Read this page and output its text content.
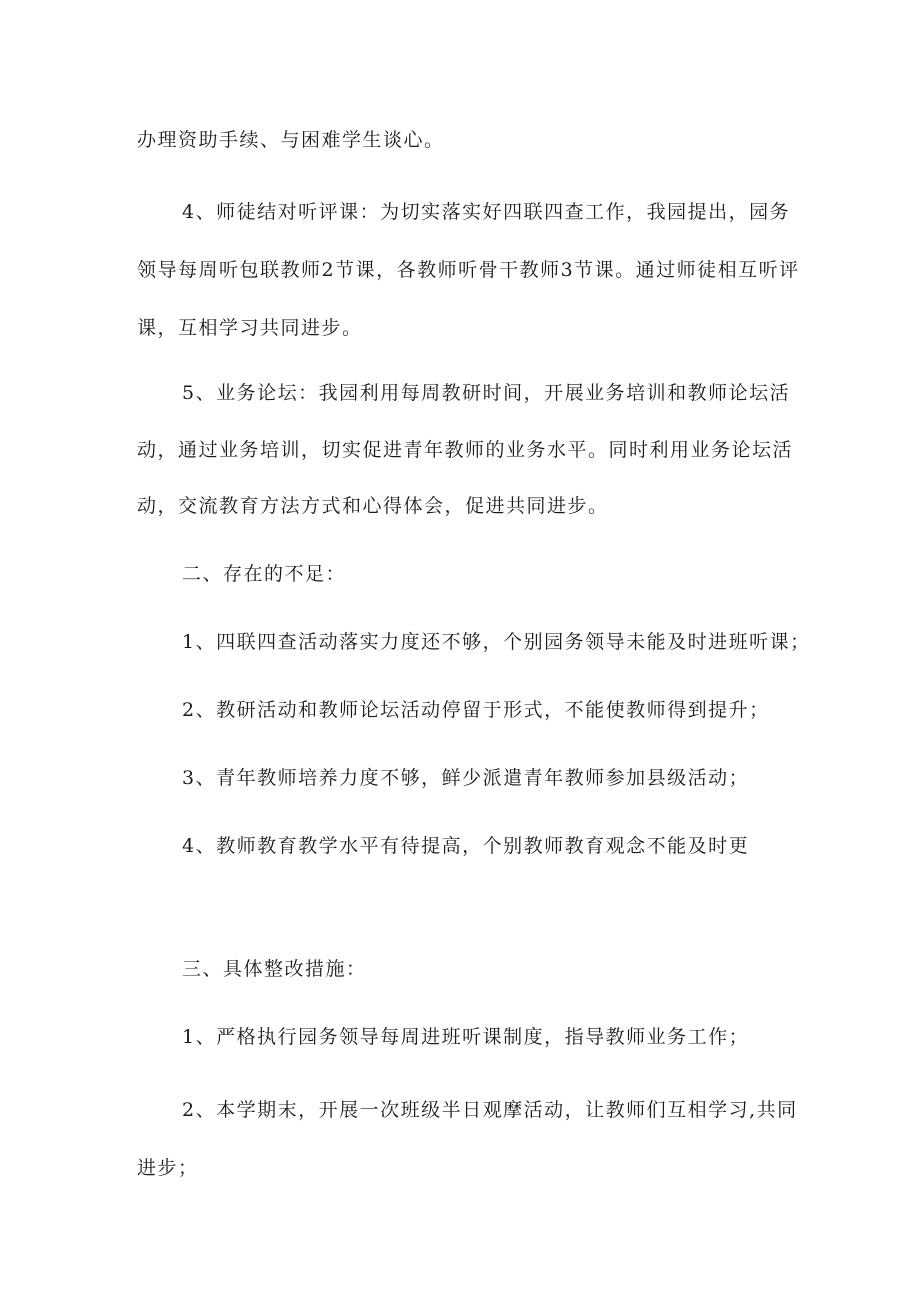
办理资助手续、与困难学生谈心。
4、师徒结对听评课：为切实落实好四联四查工作，我园提出，园务
领导每周听包联教师2节课，各教师听骨干教师3节课。通过师徒相互听评
课，互相学习共同进步。
5、业务论坛：我园利用每周教研时间，开展业务培训和教师论坛活
动，通过业务培训，切实促进青年教师的业务水平。同时利用业务论坛活
动，交流教育方法方式和心得体会，促进共同进步。
二、存在的不足：
1、四联四查活动落实力度还不够，个别园务领导未能及时进班听课；
2、教研活动和教师论坛活动停留于形式，不能使教师得到提升；
3、青年教师培养力度不够，鲜少派遣青年教师参加县级活动；
4、教师教育教学水平有待提高，个别教师教育观念不能及时更
三、具体整改措施：
1、严格执行园务领导每周进班听课制度，指导教师业务工作；
2、本学期末，开展一次班级半日观摩活动，让教师们互相学习,共同
进步；
